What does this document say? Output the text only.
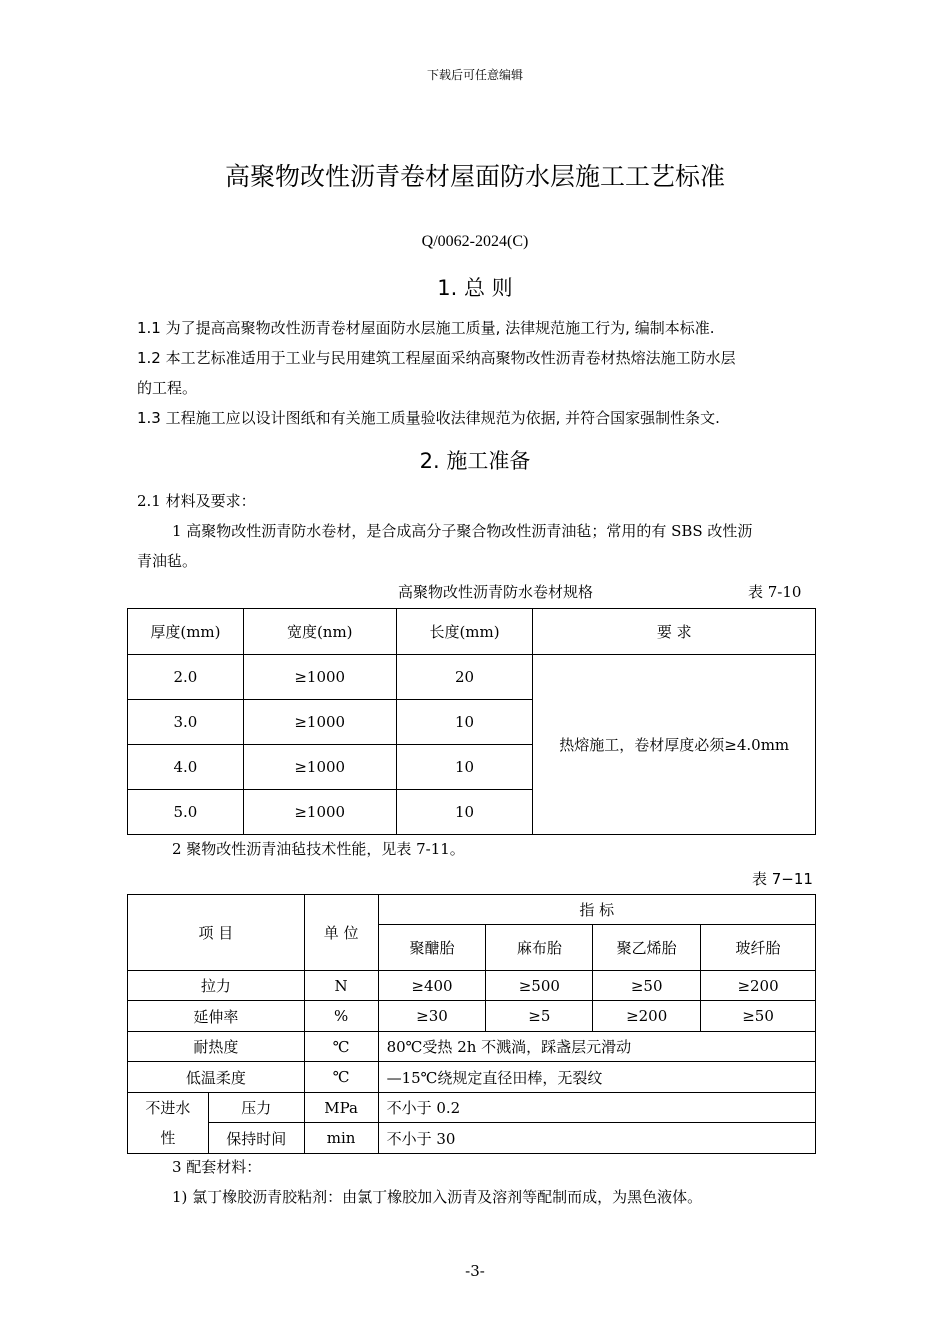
下载后可任意编辑
高聚物改性沥青卷材屋面防水层施工工艺标准
Q/0062-2024(C)
1. 总 则
1.1 为了提高高聚物改性沥青卷材屋面防水层施工质量, 法律规范施工行为, 编制本标准.
1.2 本工艺标准适用于工业与民用建筑工程屋面采纳高聚物改性沥青卷材热熔法施工防水层
的工程。
1.3 工程施工应以设计图纸和有关施工质量验收法律规范为依据, 并符合国家强制性条文.
2. 施工准备
2.1 材料及要求：
1 高聚物改性沥青防水卷材，是合成高分子聚合物改性沥青油毡；常用的有 SBS 改性沥
青油毡。
高聚物改性沥青防水卷材规格	表 7-10
厚度(mm)	宽度(nm)	长度(mm)	要 求
2.0	≥1000	20	热熔施工，卷材厚度必须≥4.0mm
3.0	≥1000	10	
4.0	≥1000	10	
5.0	≥1000	10	
2 聚物改性沥青油毡技术性能，见表 7-11。
表 7−11
项 目		单 位	指 标			
			聚醣胎	麻布胎	聚乙烯胎	玻纤胎
拉力		N	≥400	≥500	≥50	≥200
延伸率		%	≥30	≥5	≥200	≥50
耐热度		℃	80℃受热 2h 不溅淌，踩盏层元滑动			
低温柔度		℃	—15℃绕规定直径田棒，无裂纹			

不进水
性	压力	MPa	不小于 0.2			
	保持时间	min	不小于 30			
3 配套材料：
1) 氯丁橡胶沥青胶粘剂：由氯丁橡胶加入沥青及溶剂等配制而成，为黑色液体。
-3-
